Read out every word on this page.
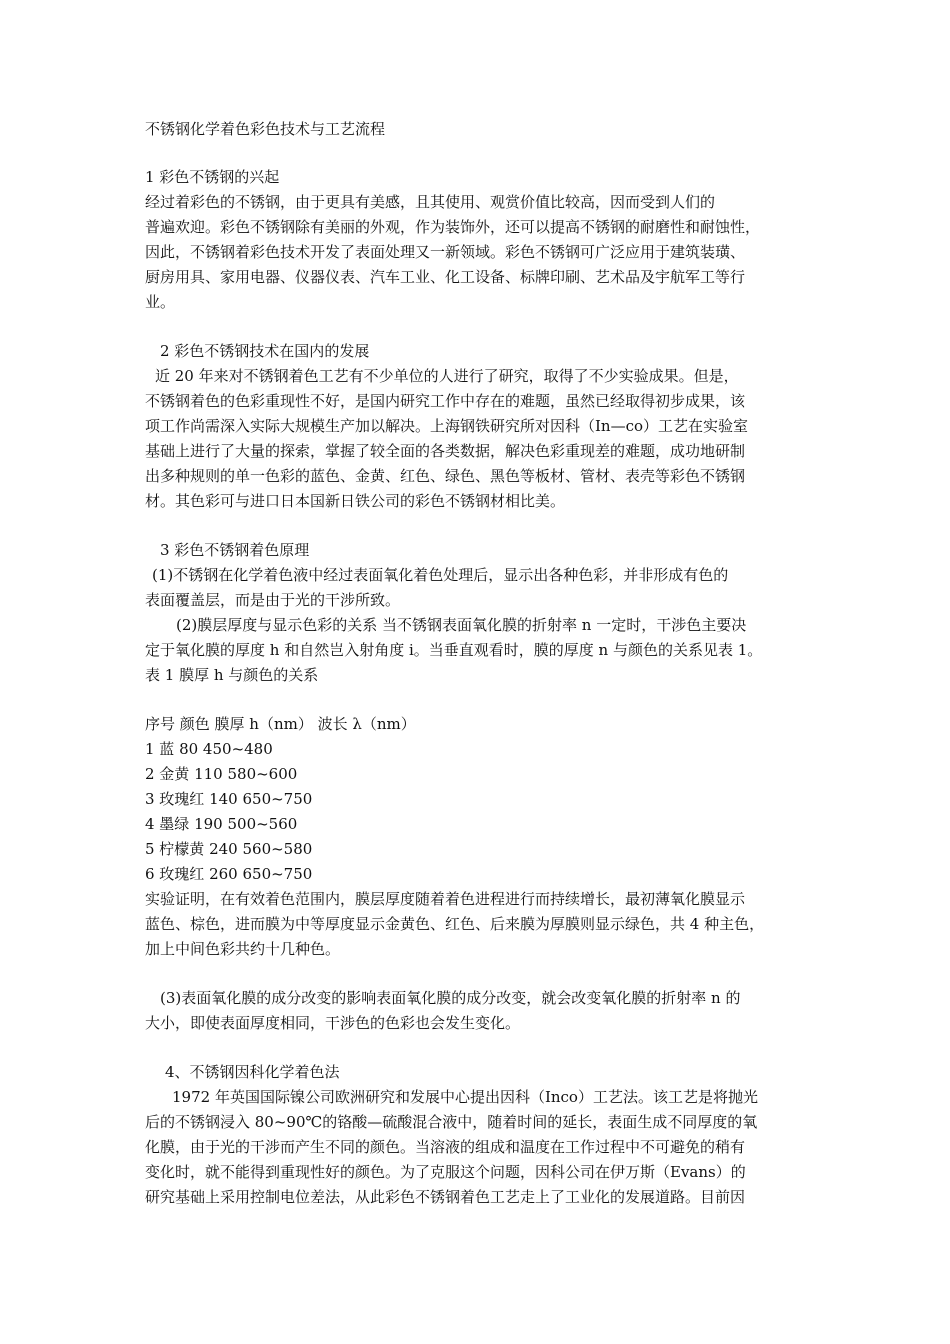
不锈钢化学着色彩色技术与工艺流程
1 彩色不锈钢的兴起
经过着彩色的不锈钢，由于更具有美感，且其使用、观赏价值比较高，因而受到人们的
普遍欢迎。彩色不锈钢除有美丽的外观，作为装饰外，还可以提高不锈钢的耐磨性和耐蚀性，
因此，不锈钢着彩色技术开发了表面处理又一新领域。彩色不锈钢可广泛应用于建筑装璜、
厨房用具、家用电器、仪器仪表、汽车工业、化工设备、标牌印刷、艺术品及宇航军工等行
业。
2 彩色不锈钢技术在国内的发展
近 20 年来对不锈钢着色工艺有不少单位的人进行了研究，取得了不少实验成果。但是，
不锈钢着色的色彩重现性不好，是国内研究工作中存在的难题，虽然已经取得初步成果，该
项工作尚需深入实际大规模生产加以解决。上海钢铁研究所对因科（In—co）工艺在实验室
基础上进行了大量的探索，掌握了较全面的各类数据，解决色彩重现差的难题，成功地研制
出多种规则的单一色彩的蓝色、金黄、红色、绿色、黑色等板材、管材、表壳等彩色不锈钢
材。其色彩可与进口日本国新日铁公司的彩色不锈钢材相比美。
3 彩色不锈钢着色原理
(1)不锈钢在化学着色液中经过表面氧化着色处理后，显示出各种色彩，并非形成有色的
表面覆盖层，而是由于光的干涉所致。
(2)膜层厚度与显示色彩的关系 当不锈钢表面氧化膜的折射率 n 一定时，干涉色主要决
定于氧化膜的厚度 h 和自然岂入射角度 i。当垂直观看时，膜的厚度 n 与颜色的关系见表 1。
表 1 膜厚 h 与颜色的关系
序号 颜色 膜厚 h（nm） 波长 λ（nm）
1 蓝 80 450~480
2 金黄 110 580~600
3 玫瑰红 140 650~750
4 墨绿 190 500~560
5 柠檬黄 240 560~580
6 玫瑰红 260 650~750
实验证明，在有效着色范围内，膜层厚度随着着色进程进行而持续增长，最初薄氧化膜显示
蓝色、棕色，进而膜为中等厚度显示金黄色、红色、后来膜为厚膜则显示绿色，共 4 种主色，
加上中间色彩共约十几种色。
(3)表面氧化膜的成分改变的影响表面氧化膜的成分改变，就会改变氧化膜的折射率 n 的
大小，即使表面厚度相同，干涉色的色彩也会发生变化。
4、不锈钢因科化学着色法
1972 年英国国际镍公司欧洲研究和发展中心提出因科（Inco）工艺法。该工艺是将抛光
后的不锈钢浸入 80~90℃的铬酸—硫酸混合液中，随着时间的延长，表面生成不同厚度的氧
化膜，由于光的干涉而产生不同的颜色。当溶液的组成和温度在工作过程中不可避免的稍有
变化时，就不能得到重现性好的颜色。为了克服这个问题，因科公司在伊万斯（Evans）的
研究基础上采用控制电位差法，从此彩色不锈钢着色工艺走上了工业化的发展道路。目前因
